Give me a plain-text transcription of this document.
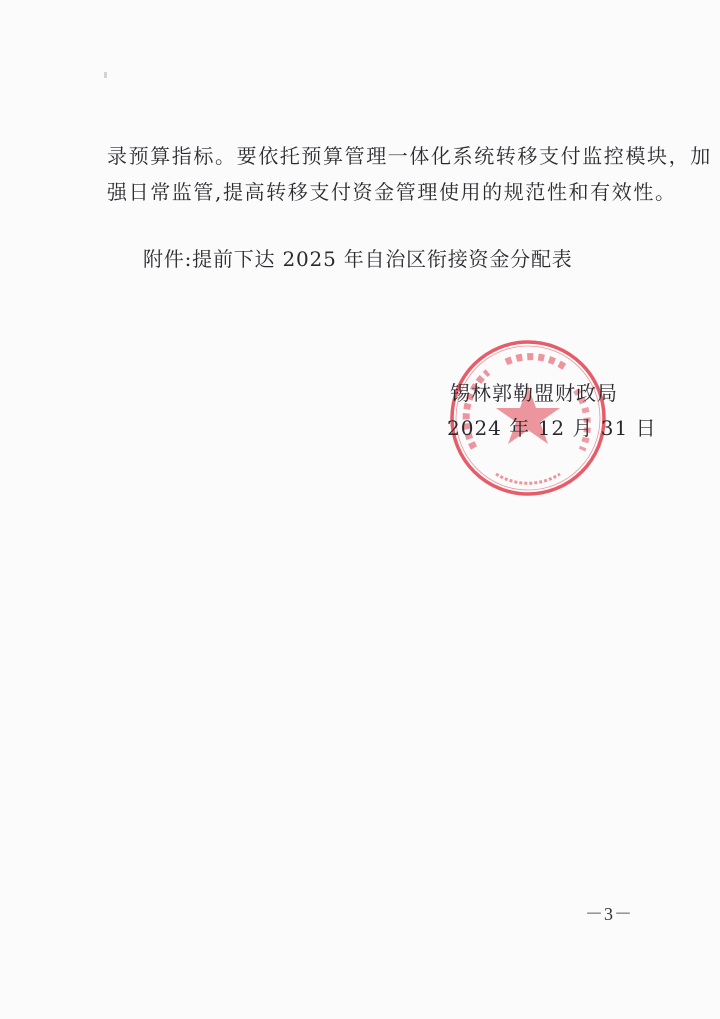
录预算指标。要依托预算管理一体化系统转移支付监控模块，加
强日常监管,提高转移支付资金管理使用的规范性和有效性。
附件:提前下达 2025 年自治区衔接资金分配表
锡林郭勒盟财政局
2024 年 12 月 31 日
－3－
